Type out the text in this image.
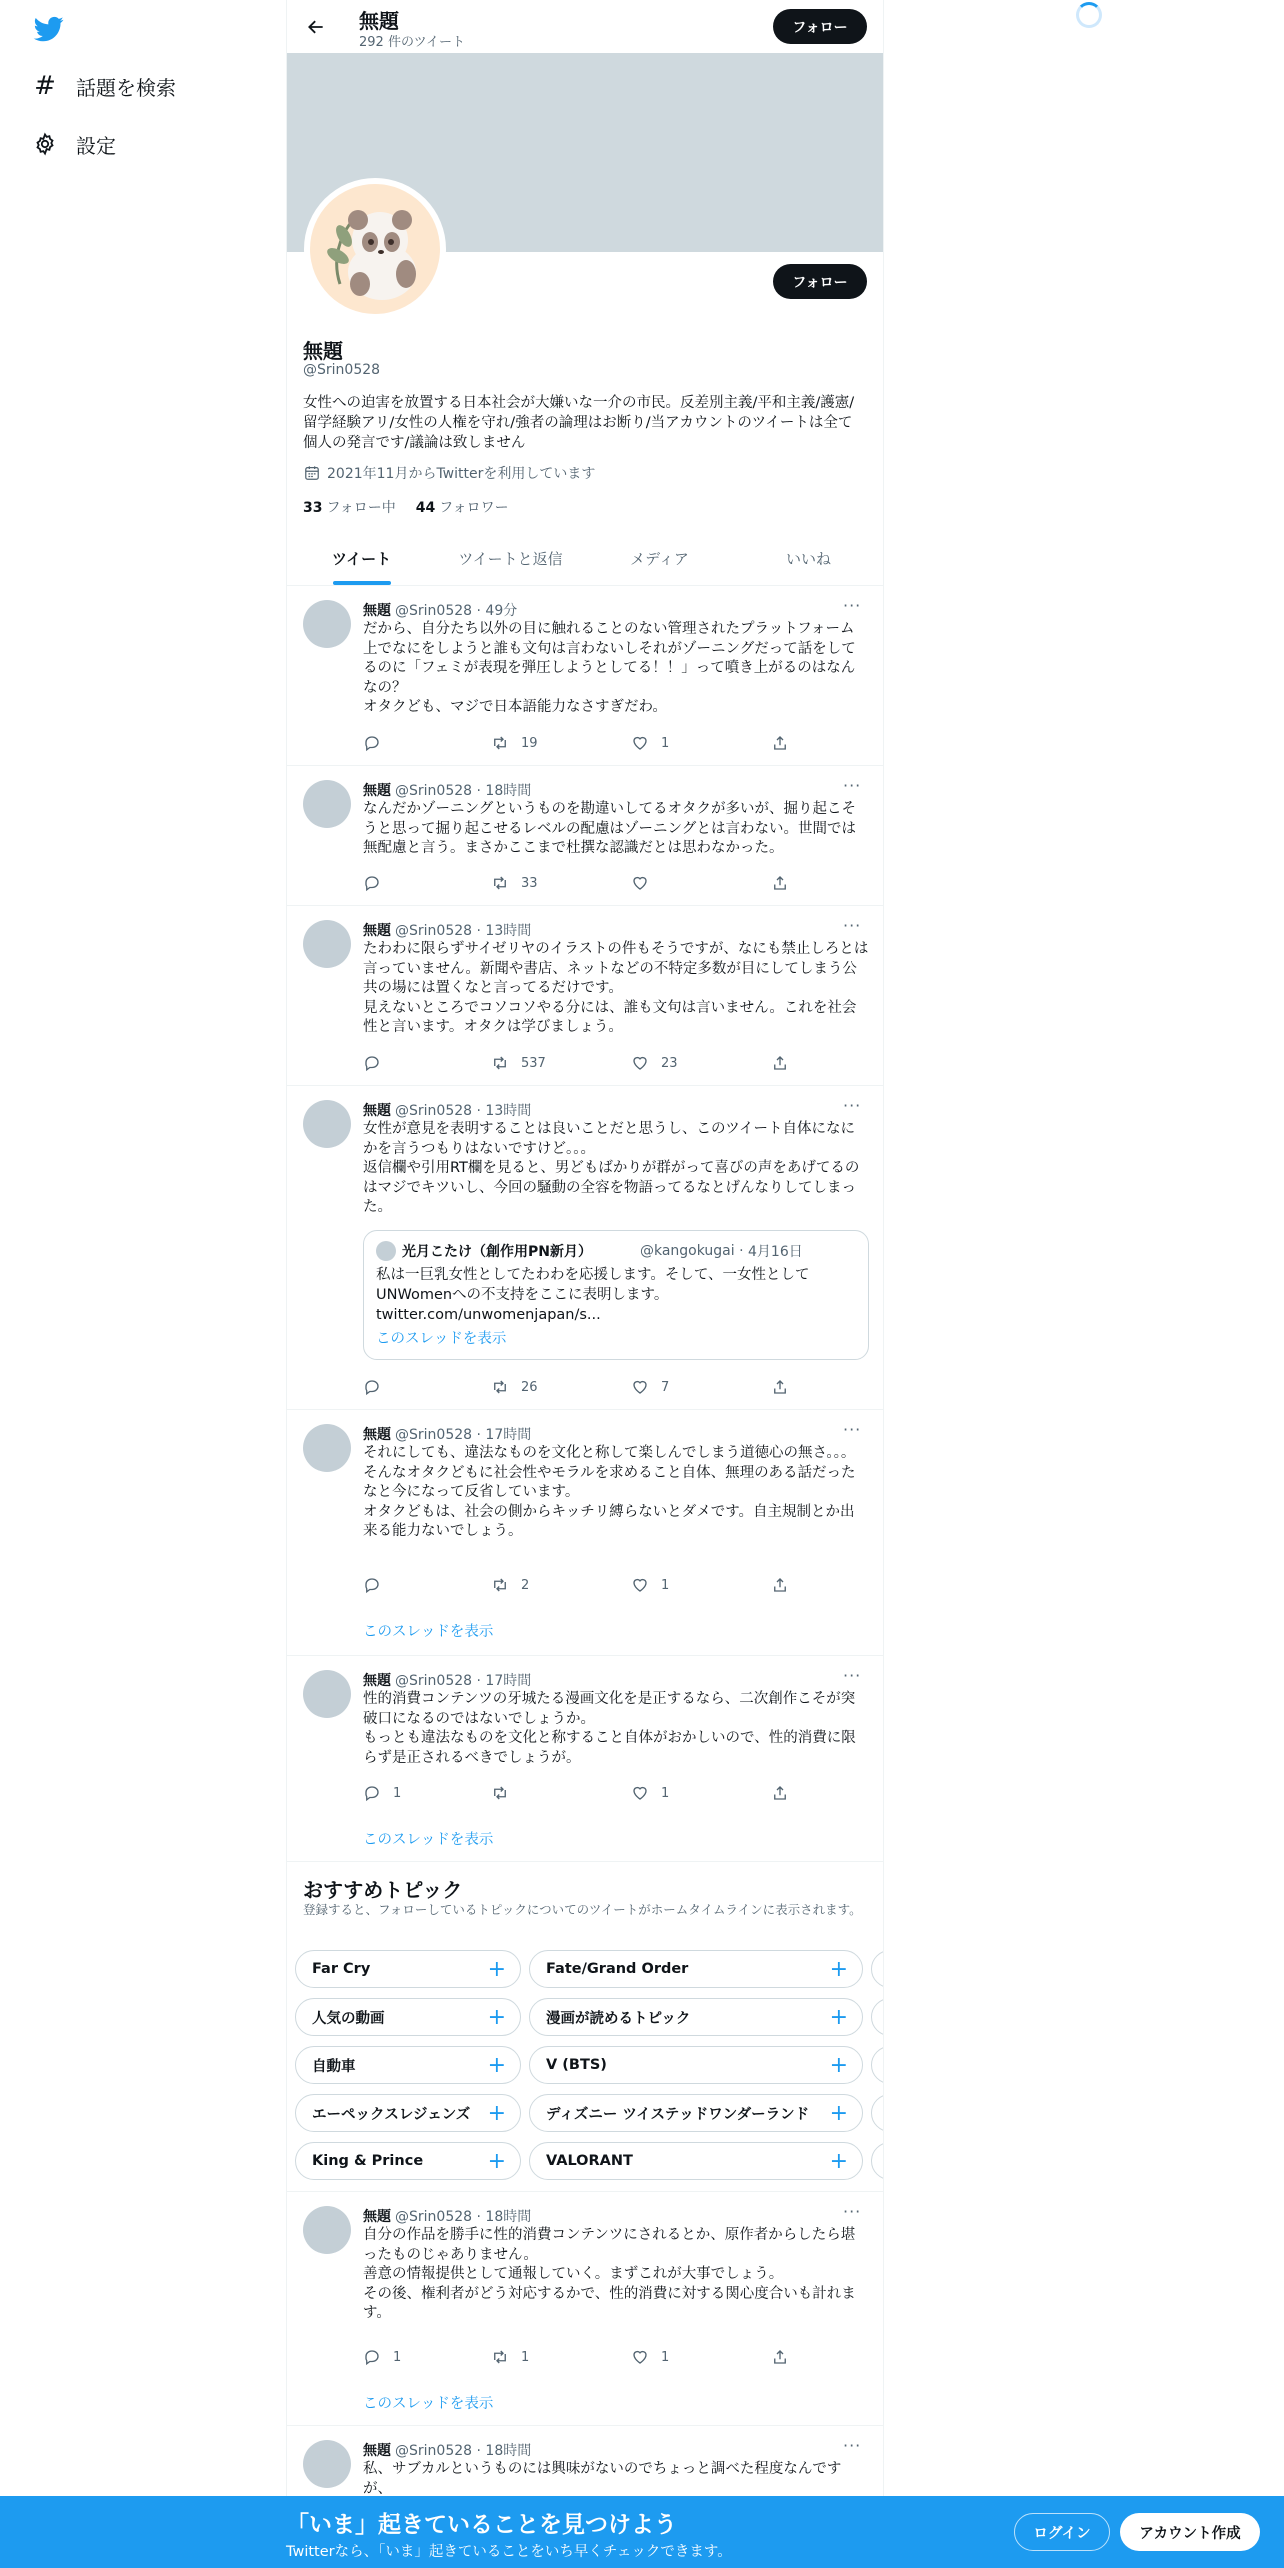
# 話題を検索
設定
無題
292 件のツイート
フォロー
フォロー
無題
@Srin0528
女性への迫害を放置する日本社会が大嫌いな一介の市民。反差別主義/平和主義/護憲/留学経験アリ/女性の人権を守れ/強者の論理はお断り/当アカウントのツイートは全て個人の発言です/議論は致しません
2021年11月からTwitterを利用しています
33 フォロー中 44 フォロワー
ツイート	ツイートと返信	メディア	いいね
無題 @Srin0528 · 49分	···
だから、自分たち以外の目に触れることのない管理されたプラットフォーム上でなにをしようと誰も文句は言わないしそれがゾーニングだって話をしてるのに「フェミが表現を弾圧しようとしてる！！」って噴き上がるのはなんなの？
オタクども、マジで日本語能力なさすぎだわ。
19	1
無題 @Srin0528 · 18時間	···
なんだかゾーニングというものを勘違いしてるオタクが多いが、掘り起こそうと思って掘り起こせるレベルの配慮はゾーニングとは言わない。世間では無配慮と言う。まさかここまで杜撰な認識だとは思わなかった。
33
無題 @Srin0528 · 13時間	···
たわわに限らずサイゼリヤのイラストの件もそうですが、なにも禁止しろとは言っていません。新聞や書店、ネットなどの不特定多数が目にしてしまう公共の場には置くなと言ってるだけです。
見えないところでコソコソやる分には、誰も文句は言いません。これを社会性と言います。オタクは学びましょう。
537	23
無題 @Srin0528 · 13時間	···
女性が意見を表明することは良いことだと思うし、このツイート自体になにかを言うつもりはないですけど。。。
返信欄や引用RT欄を見ると、男どもばかりが群がって喜びの声をあげてるのはマジでキツいし、今回の騒動の全容を物語ってるなとげんなりしてしまった。
光月こたけ（創作用PN新月）	@kangokugai · 4月16日
私は一巨乳女性としてたわわを応援します。そして、一女性としてUNWomenへの不支持をここに表明します。
twitter.com/unwomenjapan/s...
このスレッドを表示
26	7
無題 @Srin0528 · 17時間	···
それにしても、違法なものを文化と称して楽しんでしまう道徳心の無さ。。。
そんなオタクどもに社会性やモラルを求めること自体、無理のある話だったなと今になって反省しています。
オタクどもは、社会の側からキッチリ縛らないとダメです。自主規制とか出来る能力ないでしょう。
2	1
このスレッドを表示
無題 @Srin0528 · 17時間	···
性的消費コンテンツの牙城たる漫画文化を是正するなら、二次創作こそが突破口になるのではないでしょうか。
もっとも違法なものを文化と称すること自体がおかしいので、性的消費に限らず是正されるべきでしょうが。
1	1
このスレッドを表示
おすすめトピック
登録すると、フォローしているトピックについてのツイートがホームタイムラインに表示されます。
Far Cry	+	Fate/Grand Order	+
人気の動画	+	漫画が読めるトピック	+
自動車	+	V (BTS)	+
エーペックスレジェンズ +	ディズニー ツイステッドワンダーランド +
King & Prince	+	VALORANT	+
無題 @Srin0528 · 18時間	···
自分の作品を勝手に性的消費コンテンツにされるとか、原作者からしたら堪ったものじゃありません。
善意の情報提供として通報していく。まずこれが大事でしょう。
その後、権利者がどう対応するかで、性的消費に対する関心度合いも計れます。
1	1	1
このスレッドを表示
無題 @Srin0528 · 18時間	···
私、サブカルというものには興味がないのでちょっと調べた程度なんですが、
「いま」起きていることを見つけよう
Twitterなら、「いま」起きていることをいち早くチェックできます。
ログイン	アカウント作成
